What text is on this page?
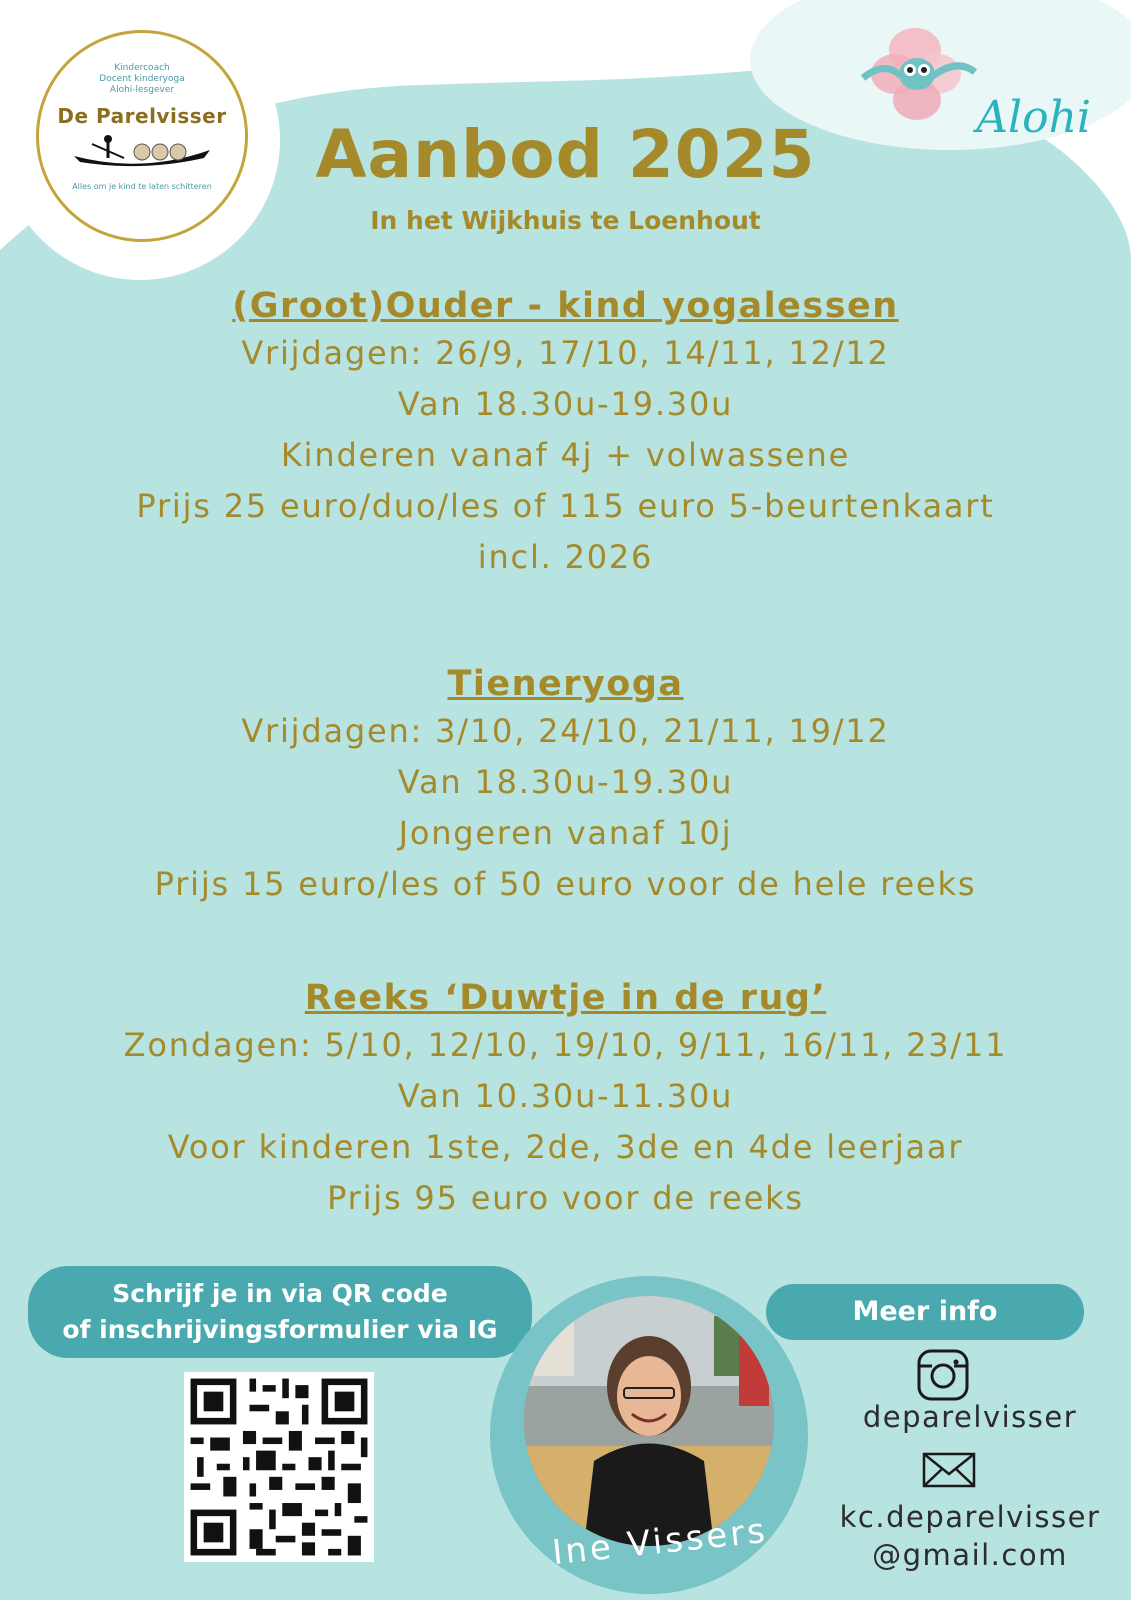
Kindercoach
Docent kinderyoga
Alohi-lesgever
De Parelvisser
Alles om je kind te laten schitteren
Alohi
Aanbod 2025
In het Wijkhuis te Loenhout
(Groot)Ouder - kind yogalessen
Vrijdagen: 26/9, 17/10, 14/11, 12/12
Van 18.30u-19.30u
Kinderen vanaf 4j + volwassene
Prijs 25 euro/duo/les of 115 euro 5-beurtenkaart
incl. 2026
Tieneryoga
Vrijdagen: 3/10, 24/10, 21/11, 19/12
Van 18.30u-19.30u
Jongeren vanaf 10j
Prijs 15 euro/les of 50 euro voor de hele reeks
Reeks ‘Duwtje in de rug’
Zondagen: 5/10, 12/10, 19/10, 9/11, 16/11, 23/11
Van 10.30u-11.30u
Voor kinderen 1ste, 2de, 3de en 4de leerjaar
Prijs 95 euro voor de reeks
Schrijf je in via QR code
of inschrijvingsformulier via IG
Ine Vissers
Meer info
deparelvisser
kc.deparelvisser
@gmail.com
